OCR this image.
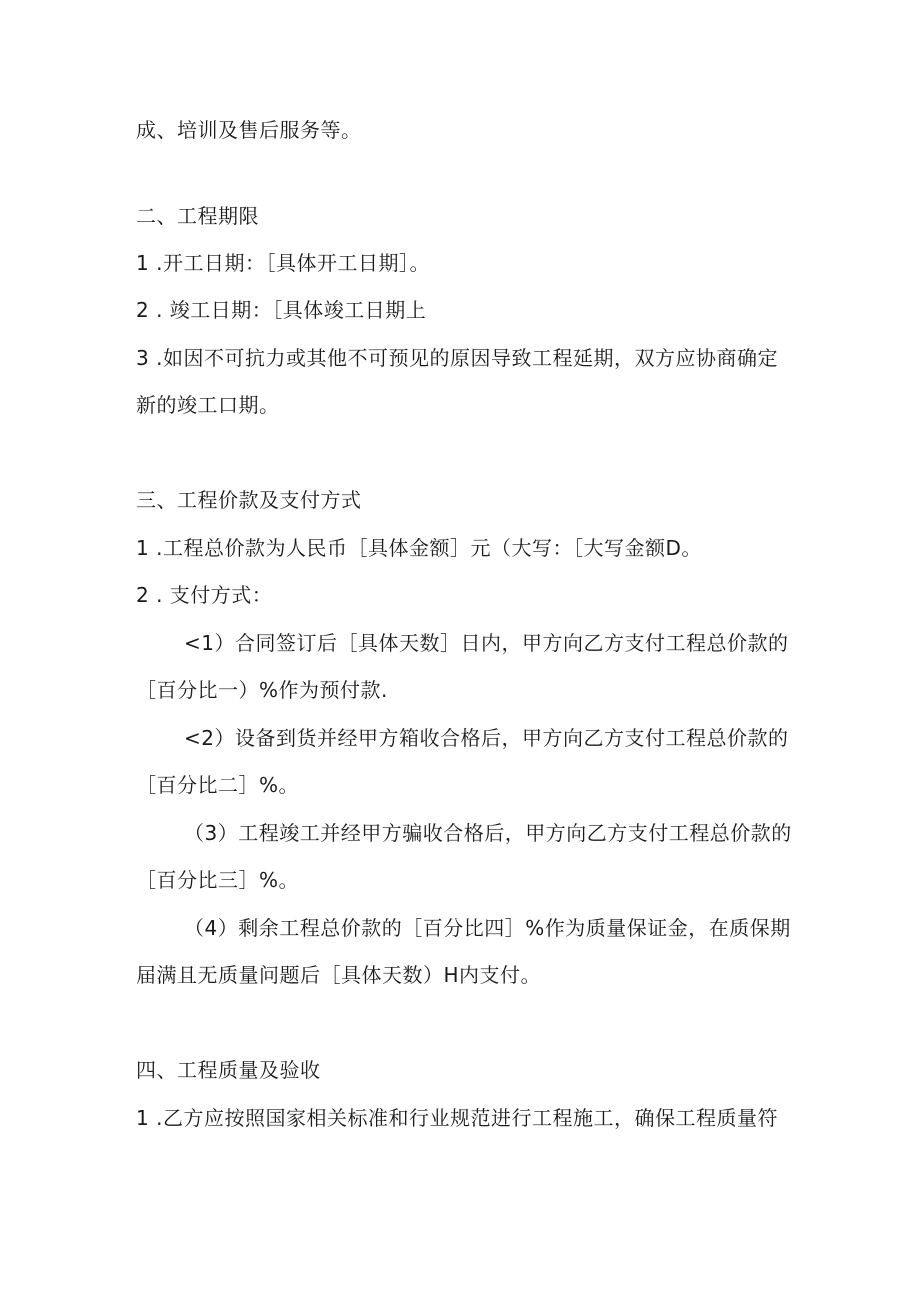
成、培训及售后服务等。
二、工程期限
1 .开工日期：［具体开工日期］。
2 . 竣工日期：［具体竣工日期上
3 .如因不可抗力或其他不可预见的原因导致工程延期，双方应协商确定
新的竣工口期。
三、工程价款及支付方式
1 .工程总价款为人民币［具体金额］元（大写：［大写金额D。
2 . 支付方式：
<1）合同签订后［具体天数］日内，甲方向乙方支付工程总价款的
［百分比一）%作为预付款.
<2）设备到货并经甲方箱收合格后，甲方向乙方支付工程总价款的
［百分比二］%。
（3）工程竣工并经甲方骗收合格后，甲方向乙方支付工程总价款的
［百分比三］%。
（4）剩余工程总价款的［百分比四］%作为质量保证金，在质保期
届满且无质量问题后［具体天数）H内支付。
四、工程质量及验收
1 .乙方应按照国家相关标准和行业规范进行工程施工，确保工程质量符
